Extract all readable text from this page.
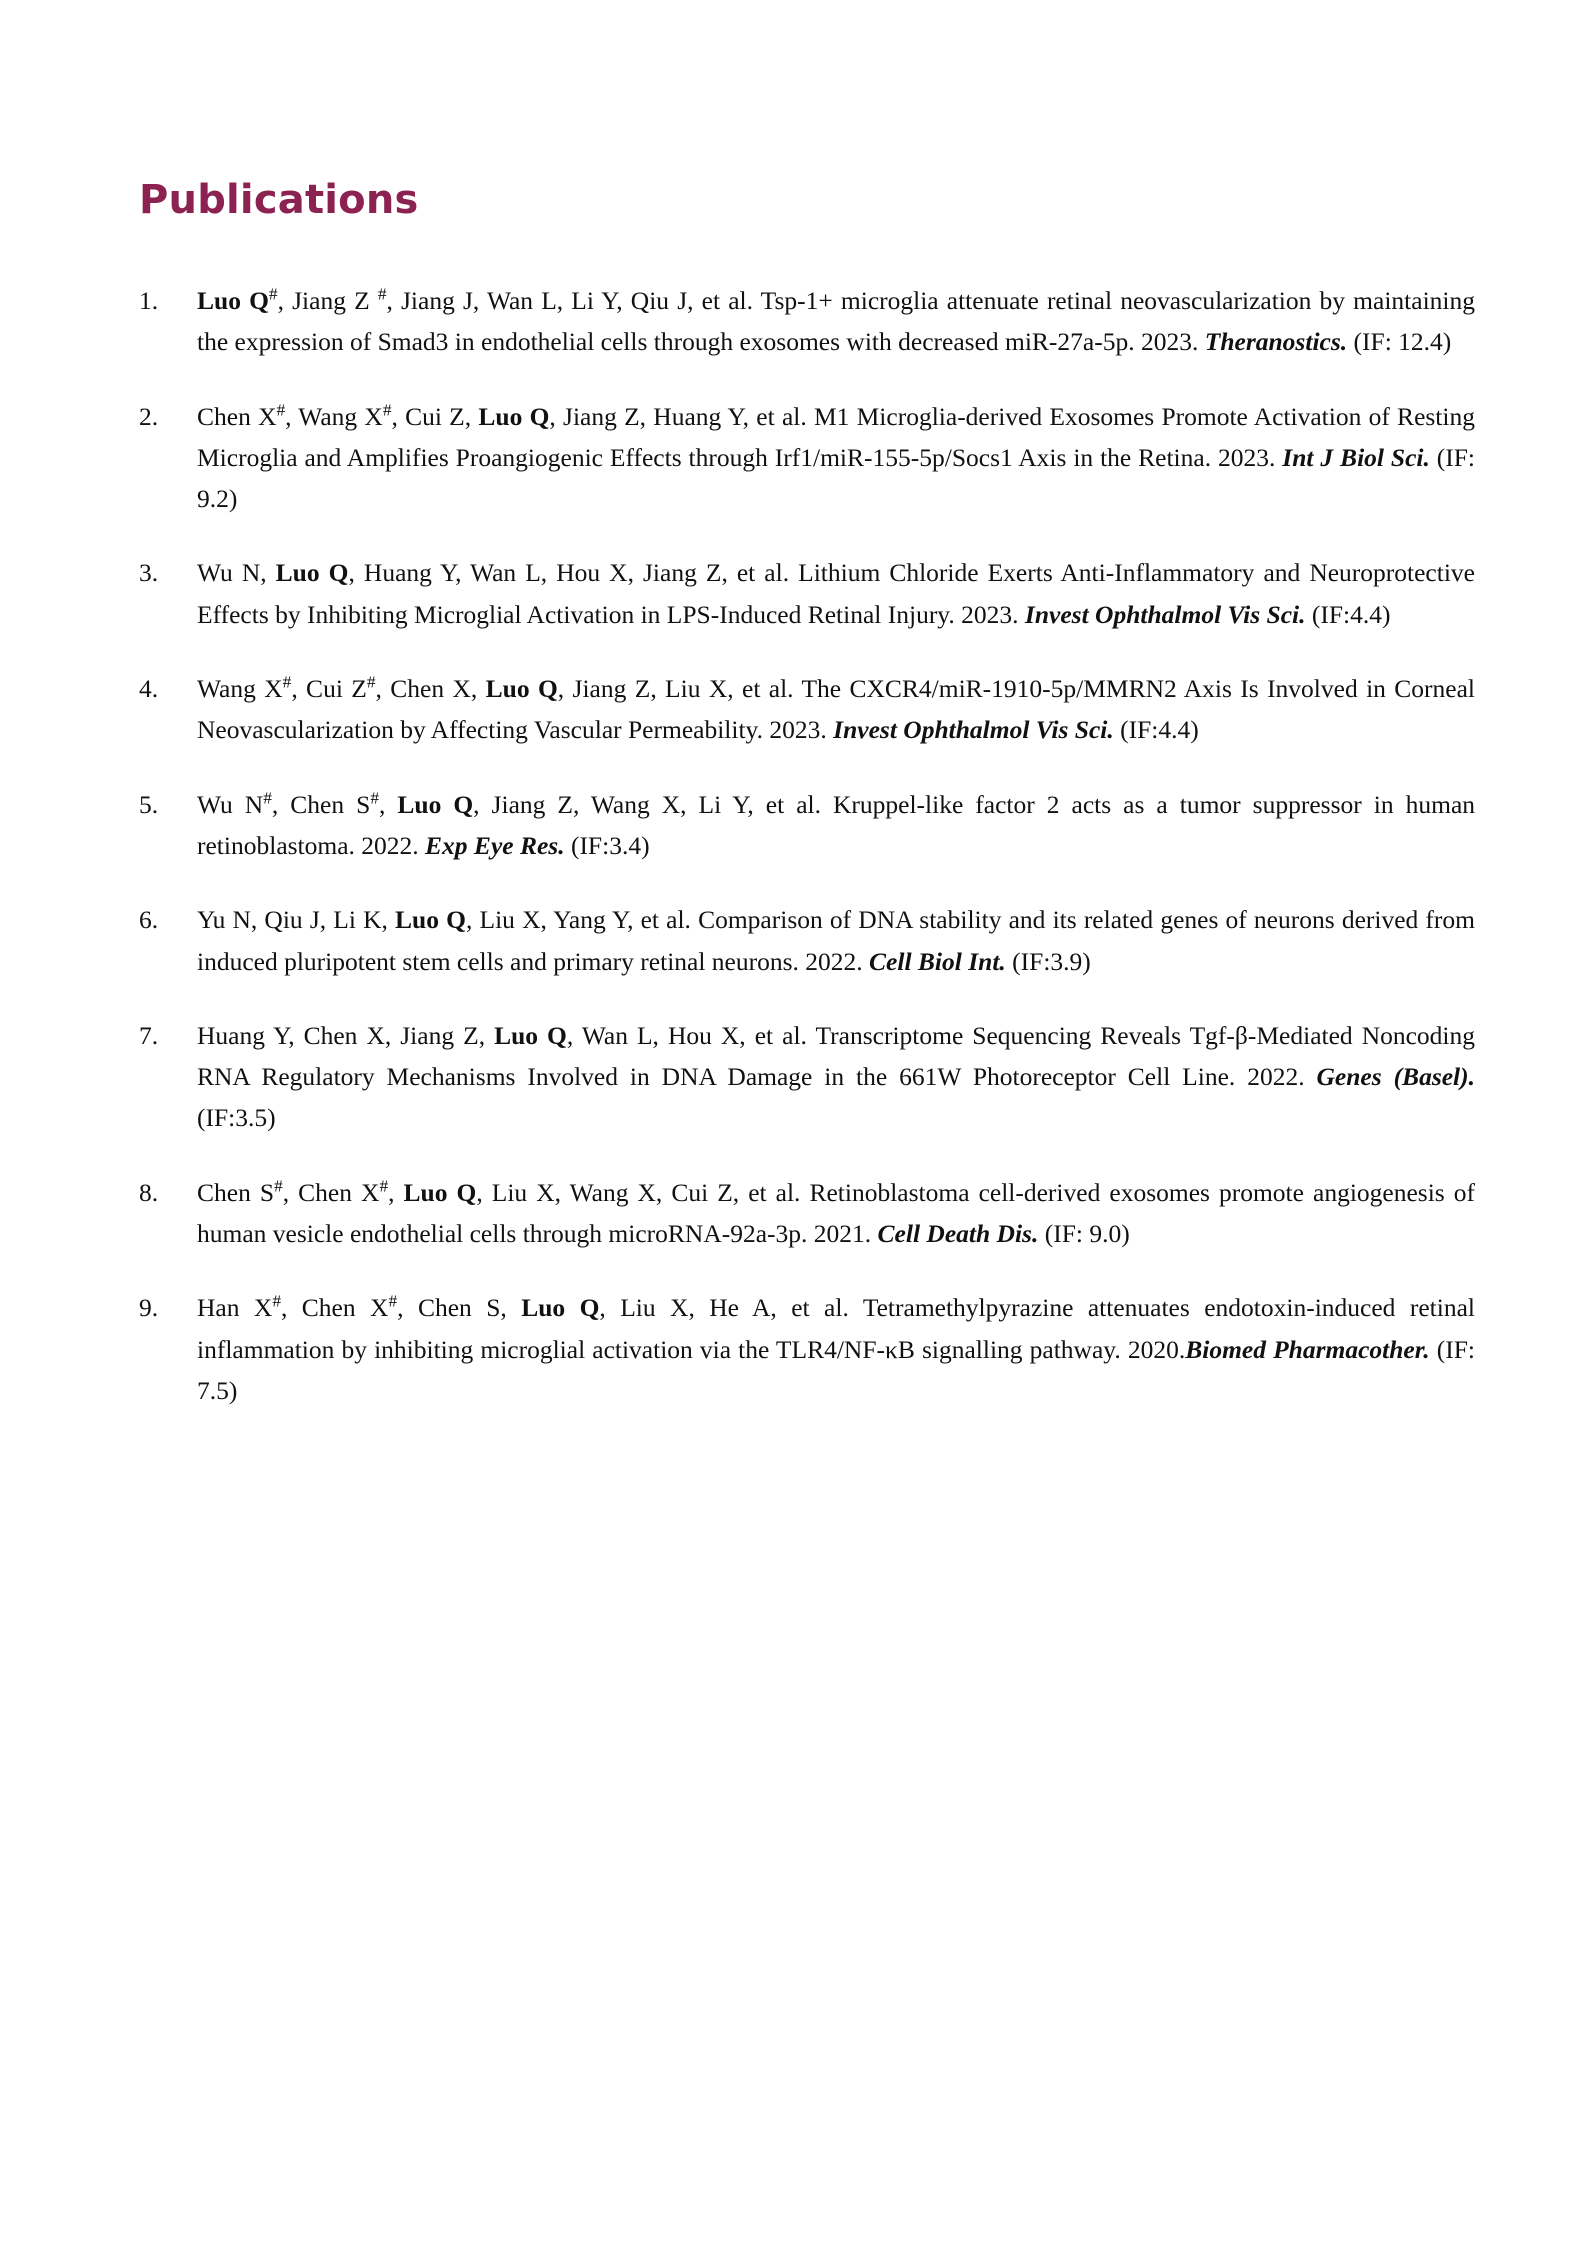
Publications
1.	Luo Q#, Jiang Z #, Jiang J, Wan L, Li Y, Qiu J, et al. Tsp-1+ microglia attenuate retinal neovascularization by maintaining the expression of Smad3 in endothelial cells through exosomes with decreased miR-27a-5p. 2023. Theranostics. (IF: 12.4)
2.	Chen X#, Wang X#, Cui Z, Luo Q, Jiang Z, Huang Y, et al. M1 Microglia-derived Exosomes Promote Activation of Resting Microglia and Amplifies Proangiogenic Effects through Irf1/miR-155-5p/Socs1 Axis in the Retina. 2023. Int J Biol Sci. (IF: 9.2)
3.	Wu N, Luo Q, Huang Y, Wan L, Hou X, Jiang Z, et al. Lithium Chloride Exerts Anti-Inflammatory and Neuroprotective Effects by Inhibiting Microglial Activation in LPS-Induced Retinal Injury. 2023. Invest Ophthalmol Vis Sci. (IF:4.4)
4.	Wang X#, Cui Z#, Chen X, Luo Q, Jiang Z, Liu X, et al. The CXCR4/miR-1910-5p/MMRN2 Axis Is Involved in Corneal Neovascularization by Affecting Vascular Permeability. 2023. Invest Ophthalmol Vis Sci. (IF:4.4)
5.	Wu N#, Chen S#, Luo Q, Jiang Z, Wang X, Li Y, et al. Kruppel-like factor 2 acts as a tumor suppressor in human retinoblastoma. 2022. Exp Eye Res. (IF:3.4)
6.	Yu N, Qiu J, Li K, Luo Q, Liu X, Yang Y, et al. Comparison of DNA stability and its related genes of neurons derived from induced pluripotent stem cells and primary retinal neurons. 2022. Cell Biol Int. (IF:3.9)
7.	Huang Y, Chen X, Jiang Z, Luo Q, Wan L, Hou X, et al. Transcriptome Sequencing Reveals Tgf-β-Mediated Noncoding RNA Regulatory Mechanisms Involved in DNA Damage in the 661W Photoreceptor Cell Line. 2022. Genes (Basel). (IF:3.5)
8.	Chen S#, Chen X#, Luo Q, Liu X, Wang X, Cui Z, et al. Retinoblastoma cell-derived exosomes promote angiogenesis of human vesicle endothelial cells through microRNA-92a-3p. 2021. Cell Death Dis. (IF: 9.0)
9.	Han X#, Chen X#, Chen S, Luo Q, Liu X, He A, et al. Tetramethylpyrazine attenuates endotoxin-induced retinal inflammation by inhibiting microglial activation via the TLR4/NF-κB signalling pathway. 2020.Biomed Pharmacother. (IF: 7.5)
